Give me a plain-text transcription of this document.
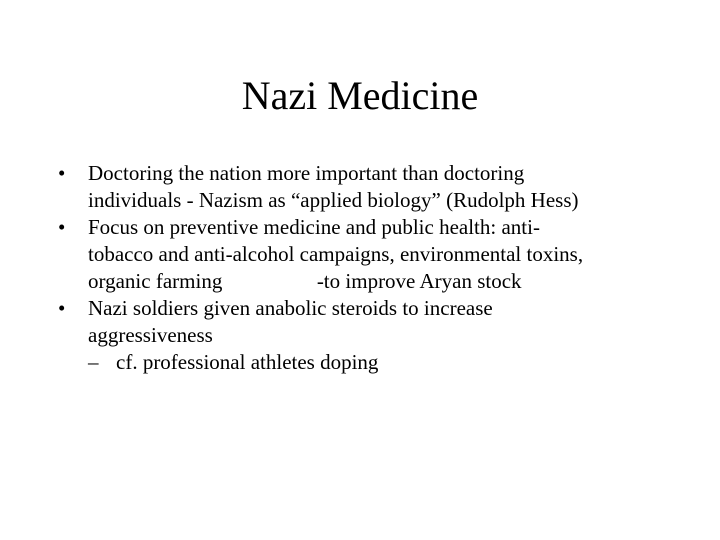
Nazi Medicine
• Doctoring the nation more important than doctoring
individuals - Nazism as “applied biology” (Rudolph Hess)
• Focus on preventive medicine and public health: anti-
tobacco and anti-alcohol campaigns, environmental toxins,
organic farming                  -to improve Aryan stock
• Nazi soldiers given anabolic steroids to increase
aggressiveness
– cf. professional athletes doping
